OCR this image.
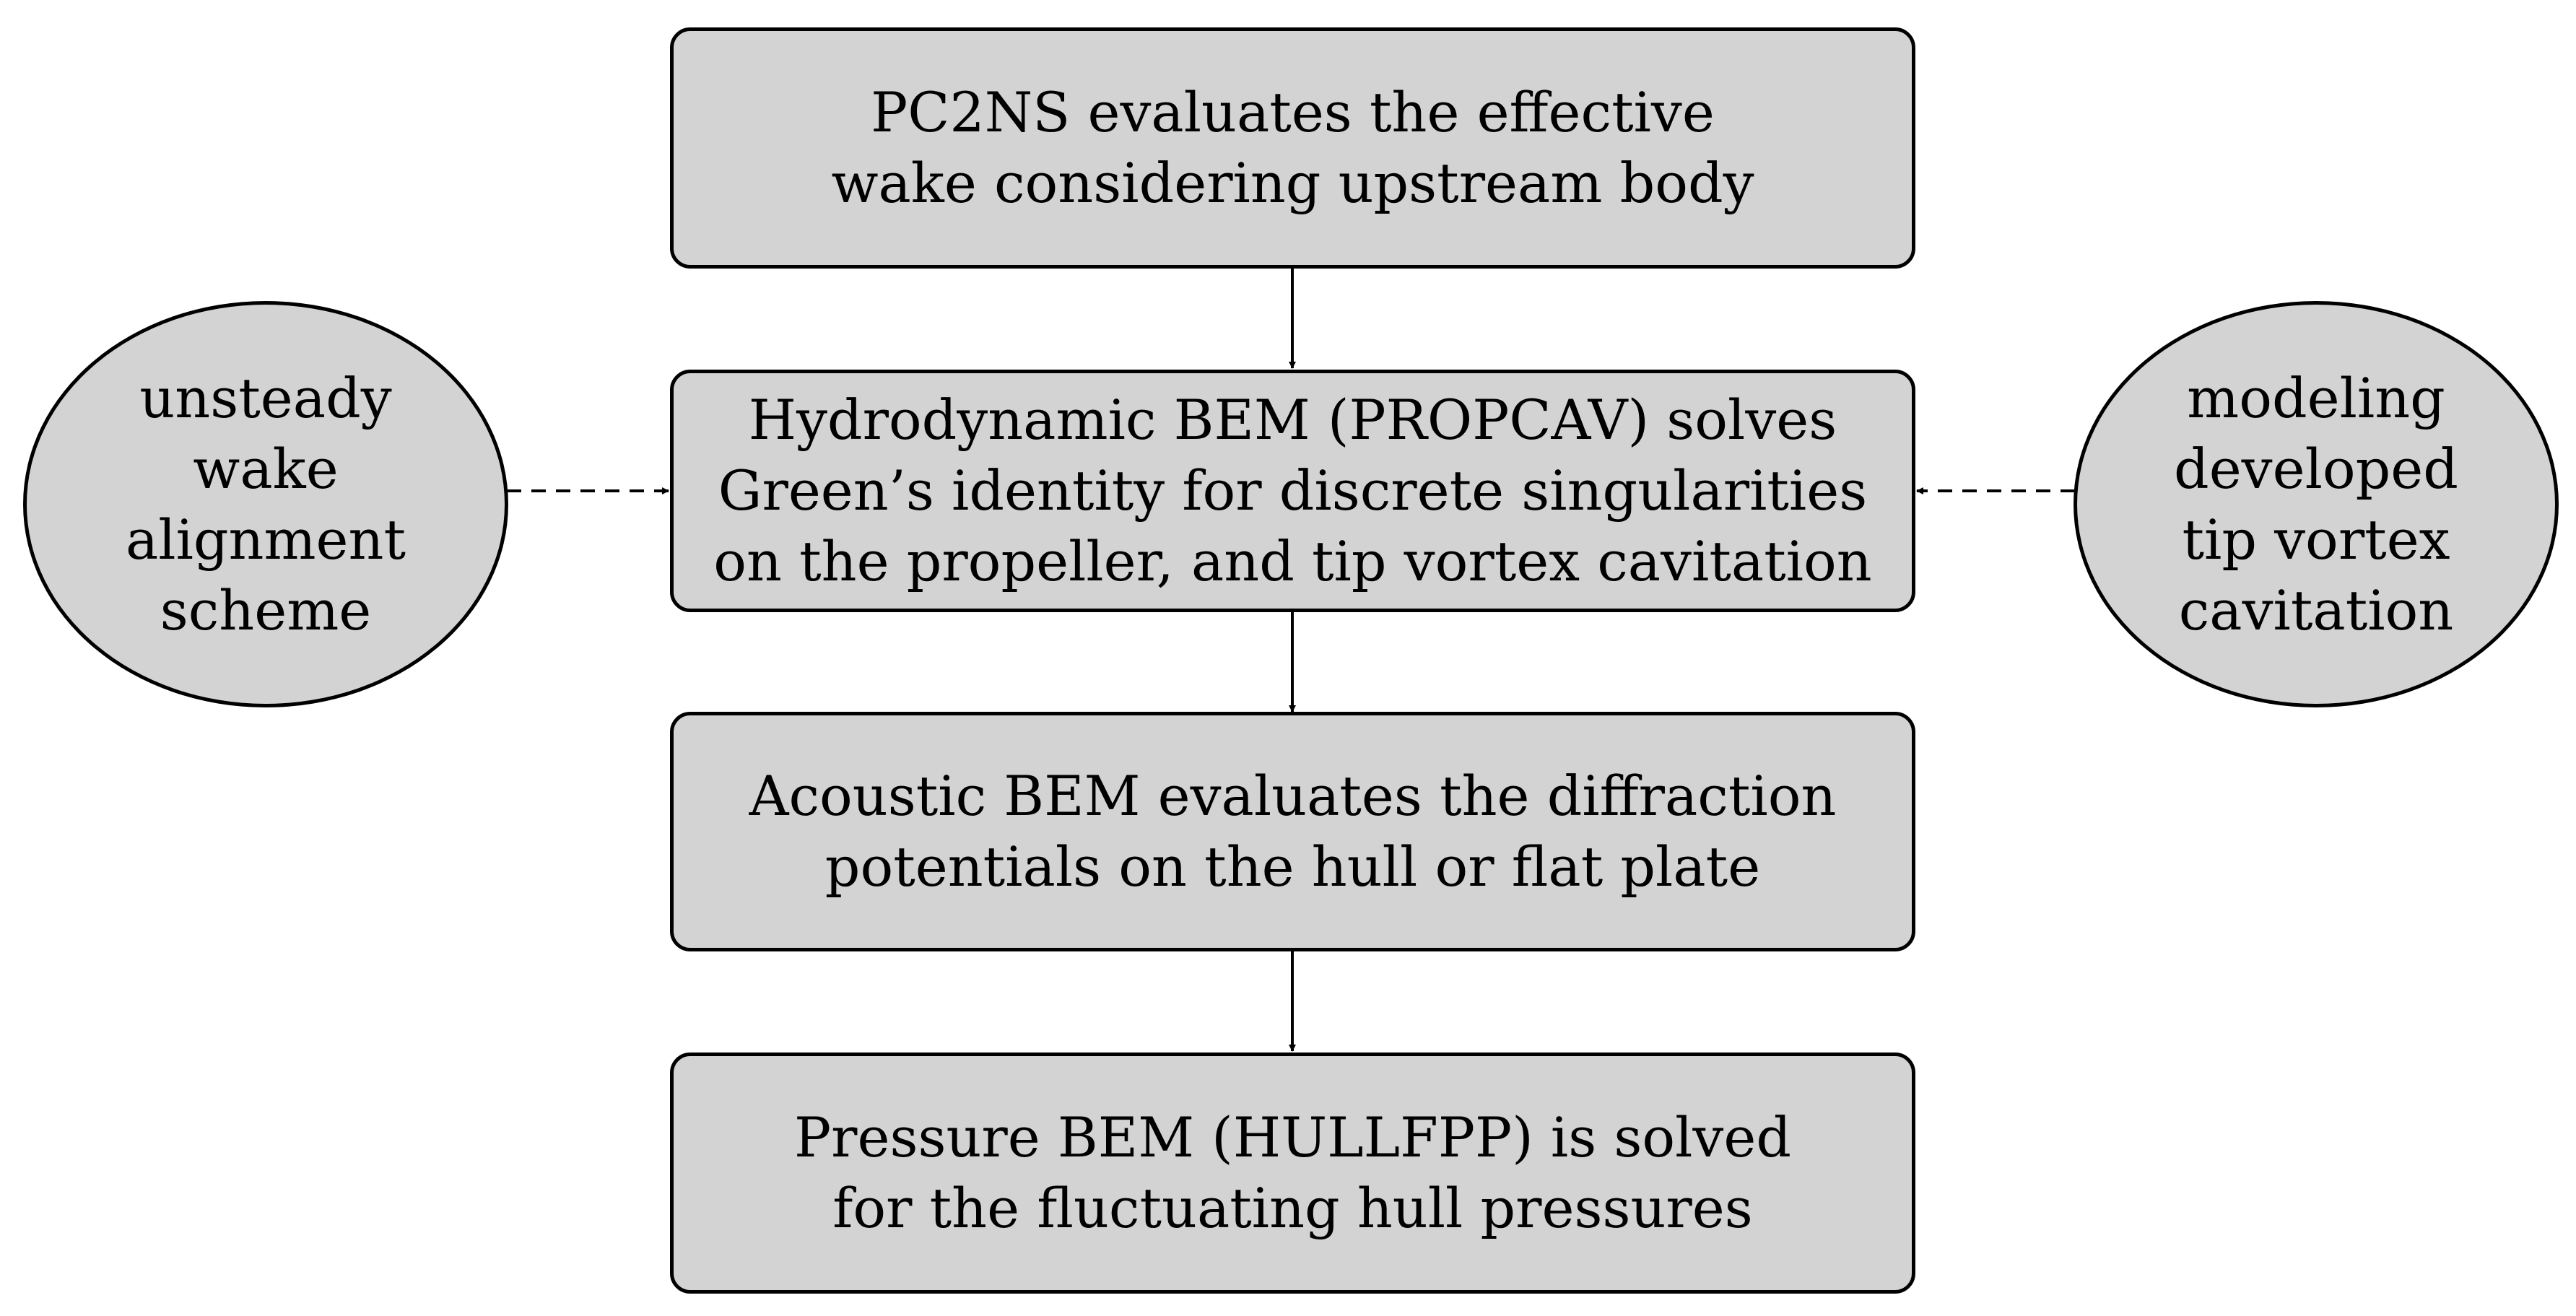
PC2NS evaluates the effective
wake considering upstream body
Hydrodynamic BEM (PROPCAV) solves
Green’s identity for discrete singularities
on the propeller, and tip vortex cavitation
Acoustic BEM evaluates the diffraction
potentials on the hull or flat plate
Pressure BEM (HULLFPP) is solved
for the fluctuating hull pressures
unsteady
wake
alignment
scheme
modeling
developed
tip vortex
cavitation
